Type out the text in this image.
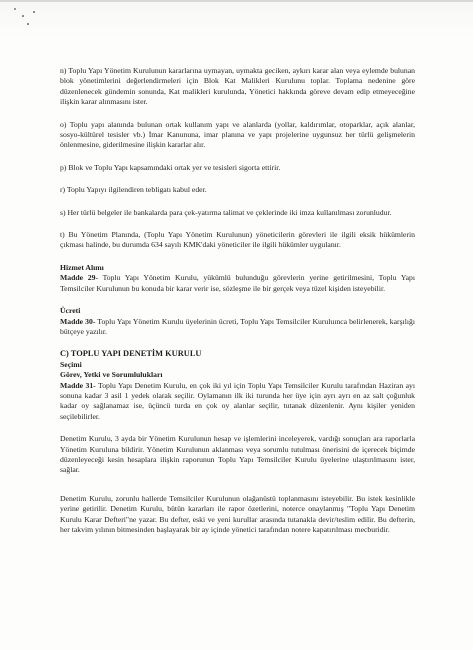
n) Toplu Yapı Yönetim Kurulunun kararlarına uymayan, uymakta geciken, aykırı karar alan veya eylemde bulunan blok yönetimlerini değerlendirmeleri için Blok Kat Malikleri Kurulunu toplar. Toplama nedenine göre düzenlenecek gündemin sonunda, Kat malikleri kurulunda, Yönetici hakkında göreve devam edip etmeyeceğine ilişkin karar alınmasını ister.

o) Toplu yapı alanında bulunan ortak kullanım yapı ve alanlarda (yollar, kaldırımlar, otoparklar, açık alanlar, sosyo-kültürel tesisler vb.) İmar Kanununa, imar planına ve yapı projelerine uygunsuz her türlü gelişmelerin önlenmesine, giderilmesine ilişkin kararlar alır.

p) Blok ve Toplu Yapı kapsamındaki ortak yer ve tesisleri sigorta ettirir.

r) Toplu Yapıyı ilgilendiren tebligatı kabul eder.

s) Her türlü belgeler ile bankalarda para çek-yatırma talimat ve çeklerinde iki imza kullanılması zorunludur.

t) Bu Yönetim Planında, (Toplu Yapı Yönetim Kurulunun) yöneticilerin görevleri ile ilgili eksik hükümlerin çıkması halinde, bu durumda 634 sayılı KMK'daki yöneticiler ile ilgili hükümler uygulanır.

Hizmet Alımı

Madde 29- Toplu Yapı Yönetim Kurulu, yükümlü bulunduğu görevlerin yerine getirilmesini, Toplu Yapı Temsilciler Kurulunun bu konuda bir karar verir ise, sözleşme ile bir gerçek veya tüzel kişiden isteyebilir.

Ücreti

Madde 30- Toplu Yapı Yönetim Kurulu üyelerinin ücreti, Toplu Yapı Temsilciler Kuruluınca belirlenerek, karşılığı bütçeye yazılır.

C) TOPLU YAPI DENETİM KURULU

Seçimi

Görev, Yetki ve Sorumlulukları

Madde 31- Toplu Yapı Denetim Kurulu, en çok iki yıl için Toplu Yapı Temsilciler Kurulu tarafından Haziran ayı sonuna kadar 3 asil 1 yedek olarak seçilir. Oylamanın ilk iki turunda her üye için ayrı ayrı en az salt çoğunluk kadar oy sağlanamaz ise, üçüncü turda en çok oy alanlar seçilir, tutanak düzenlenir. Aynı kişiler yeniden seçilebilirler.

Denetim Kurulu, 3 ayda bir Yönetim Kurulunun hesap ve işlemlerini inceleyerek, vardığı sonuçları ara raporlarla Yönetim Kuruluna bildirir. Yönetim Kurulunun aklanması veya sorumlu tutulması önerisini de içerecek biçimde düzenleyeceği kesin hesaplara ilişkin raporunun Toplu Yapı Temsilciler Kurulu üyelerine ulaştırılmasını ister, sağlar.

Denetim Kurulu, zorunlu hallerde Temsilciler Kurulunun olağanüstü toplanmasını isteyebilir. Bu istek kesinlikle yerine getirilir. Denetim Kurulu, bütün kararları ile rapor özetlerini, noterce onaylanmış "Toplu Yapı Denetim Kurulu Karar Defteri"ne yazar. Bu defter, eski ve yeni kurullar arasında tutanakla devir/teslim edilir. Bu defterin, her takvim yılının bitmesinden başlayarak bir ay içinde yönetici tarafından notere kapatırılması mecburidir.
